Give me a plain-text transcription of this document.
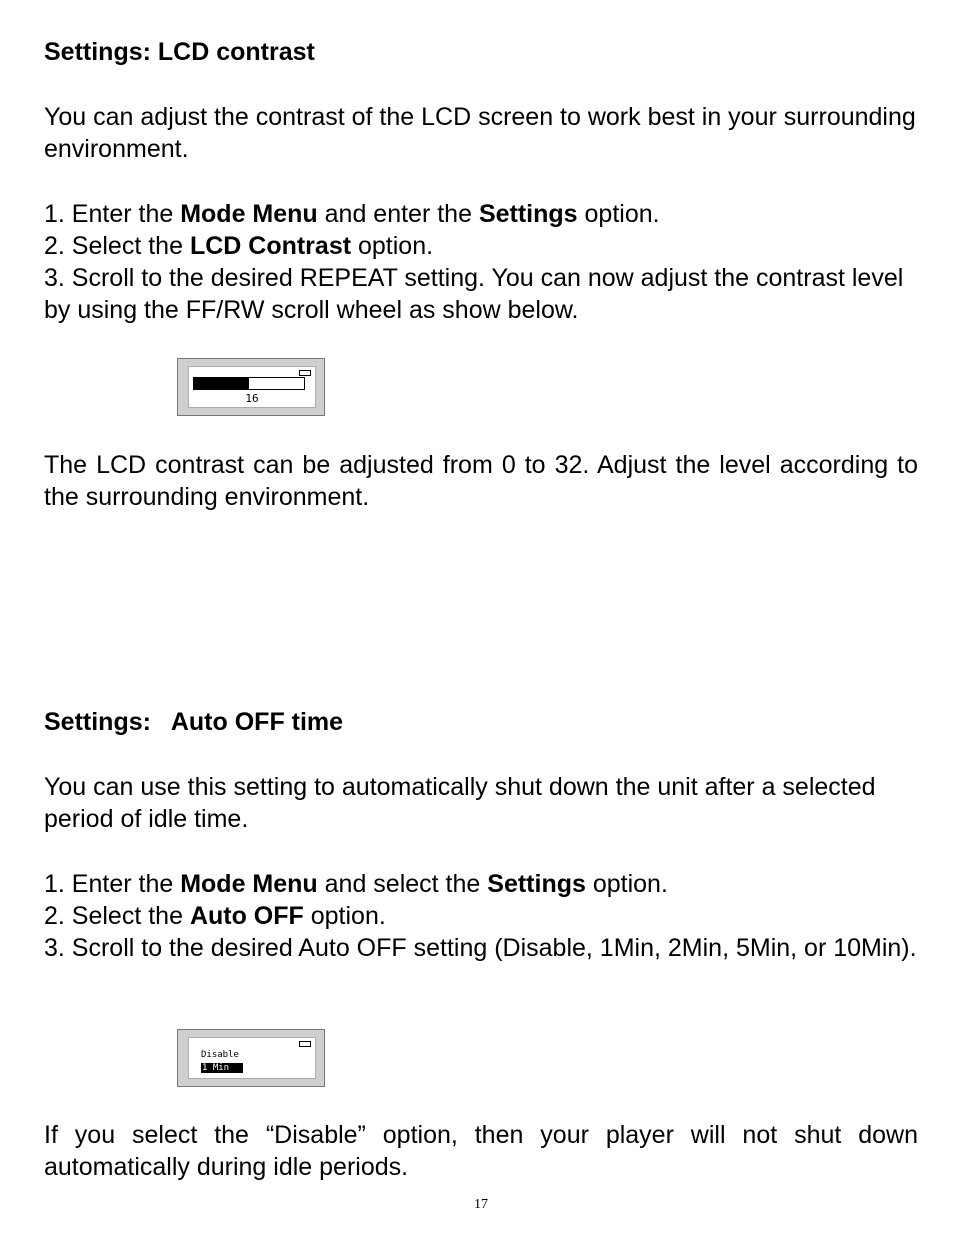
Settings: LCD contrast

You can adjust the contrast of the LCD screen to work best in your surrounding environment.

1. Enter the Mode Menu and enter the Settings option.
2. Select the LCD Contrast option.
3. Scroll to the desired REPEAT setting. You can now adjust the contrast level by using the FF/RW scroll wheel as show below.
16

The LCD contrast can be adjusted from 0 to 32. Adjust the level according to the surrounding environment.

Settings:   Auto OFF time

You can use this setting to automatically shut down the unit after a selected period of idle time.

1. Enter the Mode Menu and select the Settings option.
2. Select the Auto OFF option.
3. Scroll to the desired Auto OFF setting (Disable, 1Min, 2Min, 5Min, or 10Min).
Disable
1 Min

If you select the “Disable” option, then your player will not shut down automatically during idle periods.

17
